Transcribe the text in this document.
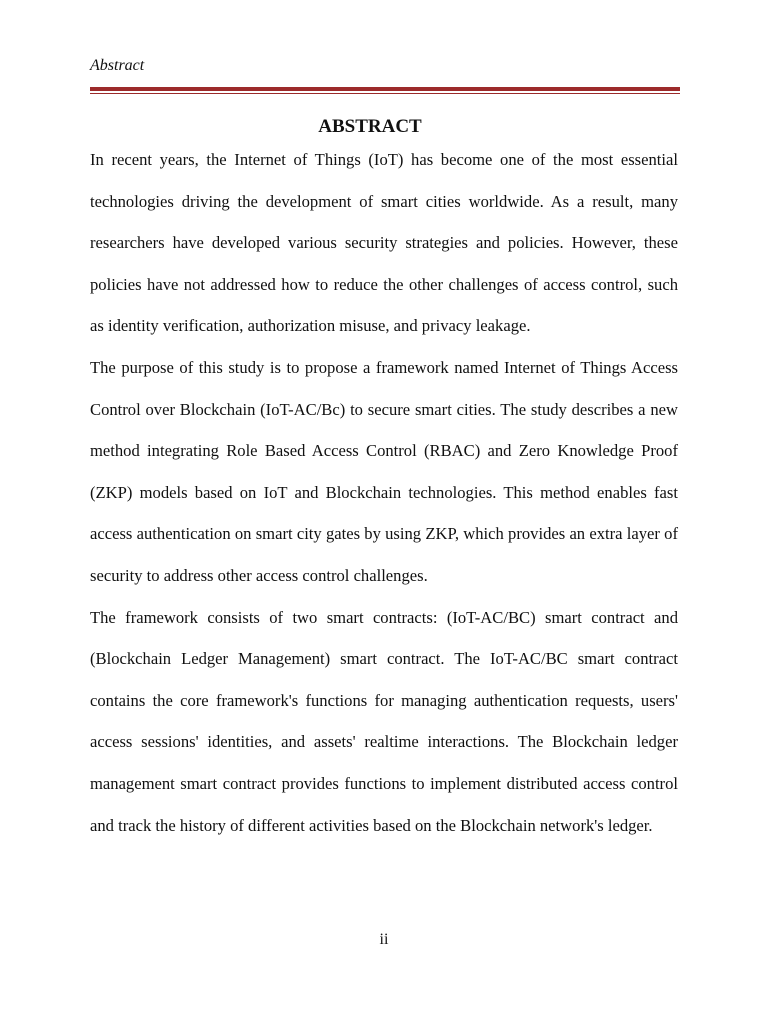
Abstract
ABSTRACT

In recent years, the Internet of Things (IoT) has become one of the most essential technologies driving the development of smart cities worldwide. As a result, many researchers have developed various security strategies and policies. However, these policies have not addressed how to reduce the other challenges of access control, such as identity verification, authorization misuse, and privacy leakage.

The purpose of this study is to propose a framework named Internet of Things Access Control over Blockchain (IoT-AC/Bc) to secure smart cities. The study describes a new method integrating Role Based Access Control (RBAC) and Zero Knowledge Proof (ZKP) models based on IoT and Blockchain technologies. This method enables fast access authentication on smart city gates by using ZKP, which provides an extra layer of security to address other access control challenges.

The framework consists of two smart contracts: (IoT-AC/BC) smart contract and (Blockchain Ledger Management) smart contract. The IoT-AC/BC smart contract contains the core framework's functions for managing authentication requests, users' access sessions' identities, and assets' realtime interactions. The Blockchain ledger management smart contract provides functions to implement distributed access control and track the history of different activities based on the Blockchain network's ledger.

ii
